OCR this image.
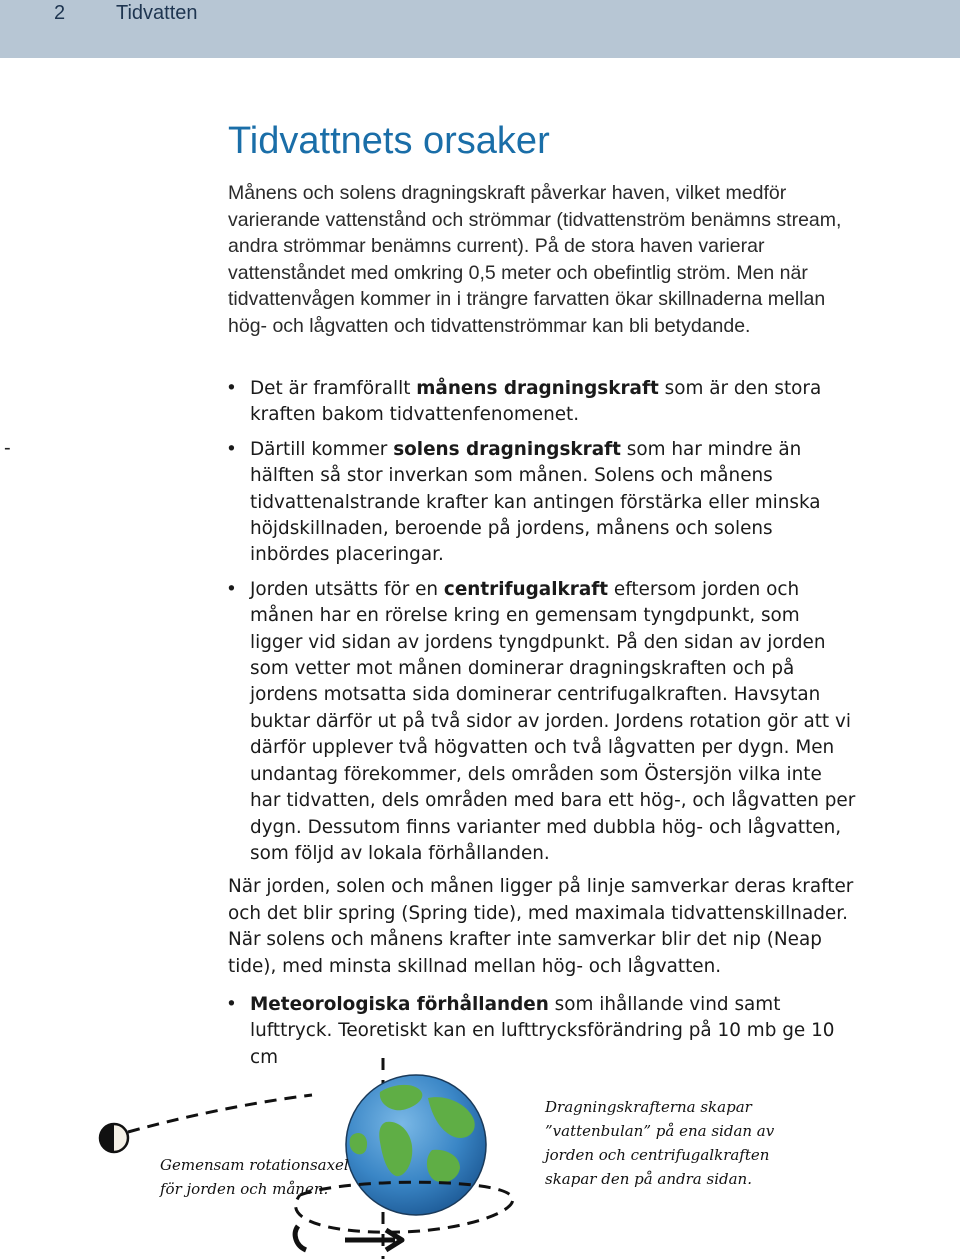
2	Tidvatten
-
Tidvattnets orsaker

Månens och solens dragningskraft påverkar haven, vilket medför varierande vattenstånd och strömmar (tidvattenström benämns stream, andra strömmar benämns current). På de stora haven varierar vattenståndet med omkring 0,5 meter och obefintlig ström. Men när tidvattenvågen kommer in i trängre farvatten ökar skillnaderna mellan hög- och lågvatten och tidvattenströmmar kan bli betydande.

• Det är framförallt månens dragningskraft som är den stora kraften bakom tidvattenfenomenet.
• Därtill kommer solens dragningskraft som har mindre än hälften så stor inverkan som månen. Solens och månens tidvattenalstrande krafter kan antingen förstärka eller minska höjdskillnaden, beroende på jordens, månens och solens inbördes placeringar.
• Jorden utsätts för en centrifugalkraft eftersom jorden och månen har en rörelse kring en gemensam tyngdpunkt, som ligger vid sidan av jordens tyngdpunkt. På den sidan av jorden som vetter mot månen dominerar dragningskraften och på jordens motsatta sida dominerar centrifugalkraften. Havsytan buktar därför ut på två sidor av jorden. Jordens rotation gör att vi därför upplever två högvatten och två lågvatten per dygn. Men undantag förekommer, dels områden som Östersjön vilka inte har tidvatten, dels områden med bara ett hög-, och lågvatten per dygn. Dessutom finns varianter med dubbla hög- och lågvatten, som följd av lokala förhållanden.

När jorden, solen och månen ligger på linje samverkar deras krafter och det blir spring (Spring tide), med maximala tidvattenskillnader. När solens och månens krafter inte samverkar blir det nip (Neap tide), med minsta skillnad mellan hög- och lågvatten.

• Meteorologiska förhållanden som ihållande vind samt lufttryck. Teoretiskt kan en lufttrycksförändring på 10 mb ge 10 cm
Gemensam rotationsaxel för jorden och månen.
Dragningskrafterna skapar ”vattenbulan” på ena sidan av jorden och centrifugalkraften skapar den på andra sidan.
